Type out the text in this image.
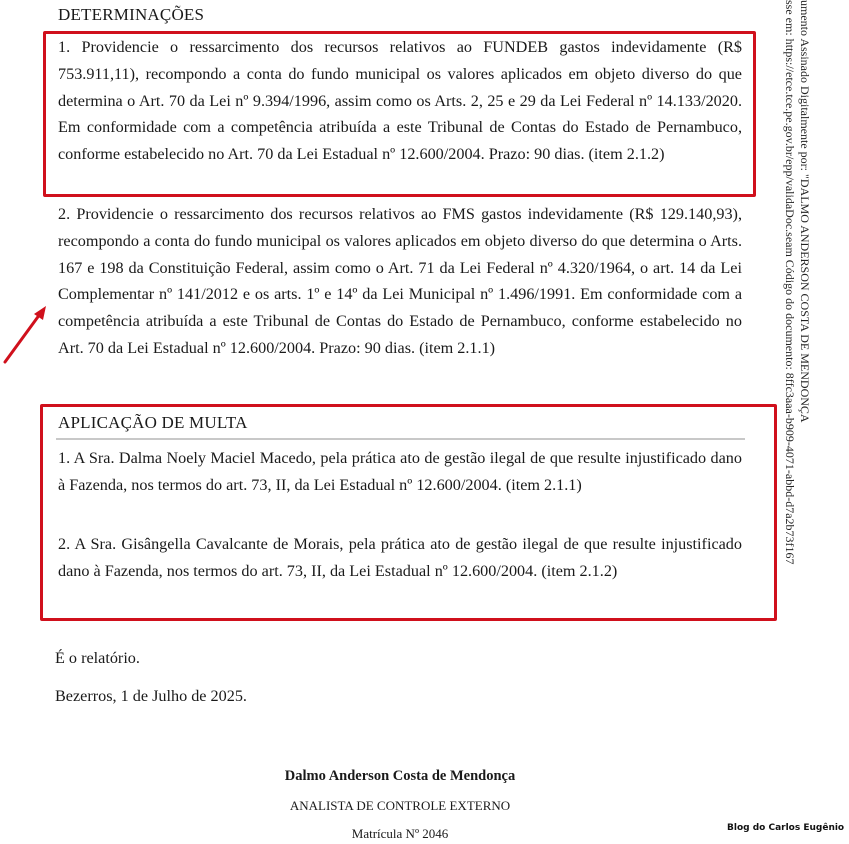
DETERMINAÇÕES
1. Providencie o ressarcimento dos recursos relativos ao FUNDEB gastos indevidamente (R$ 753.911,11), recompondo a conta do fundo municipal os valores aplicados em objeto diverso do que determina o Art. 70 da Lei nº 9.394/1996, assim como os Arts. 2, 25 e 29 da Lei Federal nº 14.133/2020. Em conformidade com a competência atribuída a este Tribunal de Contas do Estado de Pernambuco, conforme estabelecido no Art. 70 da Lei Estadual nº 12.600/2004. Prazo: 90 dias. (item 2.1.2)
2. Providencie o ressarcimento dos recursos relativos ao FMS gastos indevidamente (R$ 129.140,93), recompondo a conta do fundo municipal os valores aplicados em objeto diverso do que determina o Arts. 167 e 198 da Constituição Federal, assim como o Art. 71 da Lei Federal nº 4.320/1964, o art. 14 da Lei Complementar nº 141/2012 e os arts. 1º e 14º da Lei Municipal nº 1.496/1991. Em conformidade com a competência atribuída a este Tribunal de Contas do Estado de Pernambuco, conforme estabelecido no Art. 70 da Lei Estadual nº 12.600/2004. Prazo: 90 dias. (item 2.1.1)
APLICAÇÃO DE MULTA
1. A Sra. Dalma Noely Maciel Macedo, pela prática ato de gestão ilegal de que resulte injustificado dano à Fazenda, nos termos do art. 73, II, da Lei Estadual nº 12.600/2004. (item 2.1.1)
2. A Sra. Gisângella Cavalcante de Morais, pela prática ato de gestão ilegal de que resulte injustificado dano à Fazenda, nos termos do art. 73, II, da Lei Estadual nº 12.600/2004. (item 2.1.2)
É o relatório.
Bezerros, 1 de Julho de 2025.
Dalmo Anderson Costa de Mendonça
ANALISTA DE CONTROLE EXTERNO
Matrícula Nº 2046
umento Assinado Digitalmente por: "DALMO ANDERSON COSTA DE MENDONÇA
sse em: https://etce.tce.pe.gov.br/epp/validaDoc.seam Código do documento: 8ffc3aaa-b909-4071-abbd-d7a2b73f167
Blog do Carlos Eugênio
